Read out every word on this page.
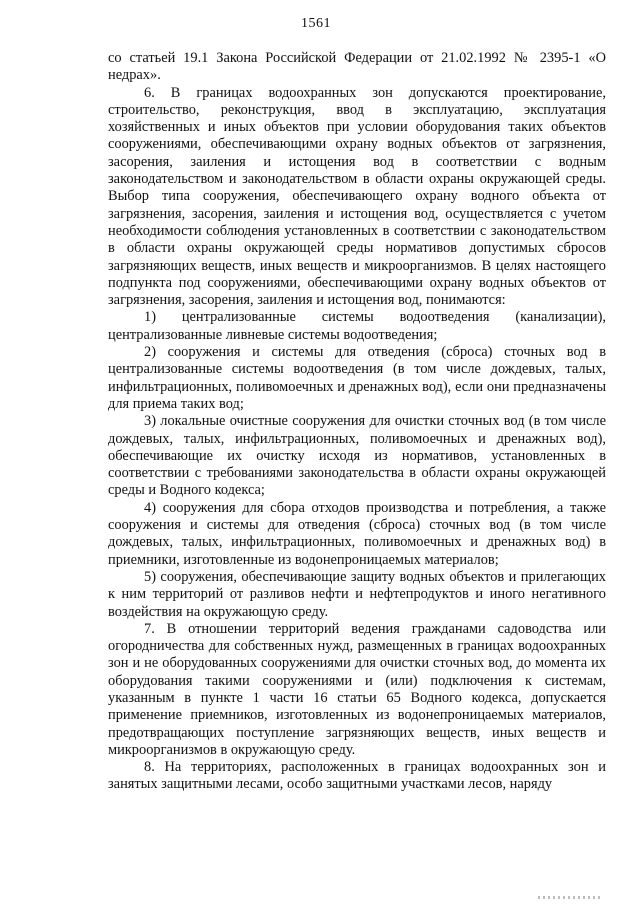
1561

со статьей 19.1 Закона Российской Федерации от 21.02.1992 № 2395-1 «О недрах».

6. В границах водоохранных зон допускаются проектирование, строительство, реконструкция, ввод в эксплуатацию, эксплуатация хозяйственных и иных объектов при условии оборудования таких объектов сооружениями, обеспечивающими охрану водных объектов от загрязнения, засорения, заиления и истощения вод в соответствии с водным законодательством и законодательством в области охраны окружающей среды. Выбор типа сооружения, обеспечивающего охрану водного объекта от загрязнения, засорения, заиления и истощения вод, осуществляется с учетом необходимости соблюдения установленных в соответствии с законодательством в области охраны окружающей среды нормативов допустимых сбросов загрязняющих веществ, иных веществ и микроорганизмов. В целях настоящего подпункта под сооружениями, обеспечивающими охрану водных объектов от загрязнения, засорения, заиления и истощения вод, понимаются:

1) централизованные системы водоотведения (канализации), централизованные ливневые системы водоотведения;

2) сооружения и системы для отведения (сброса) сточных вод в централизованные системы водоотведения (в том числе дождевых, талых, инфильтрационных, поливомоечных и дренажных вод), если они предназначены для приема таких вод;

3) локальные очистные сооружения для очистки сточных вод (в том числе дождевых, талых, инфильтрационных, поливомоечных и дренажных вод), обеспечивающие их очистку исходя из нормативов, установленных в соответствии с требованиями законодательства в области охраны окружающей среды и Водного кодекса;

4) сооружения для сбора отходов производства и потребления, а также сооружения и системы для отведения (сброса) сточных вод (в том числе дождевых, талых, инфильтрационных, поливомоечных и дренажных вод) в приемники, изготовленные из водонепроницаемых материалов;

5) сооружения, обеспечивающие защиту водных объектов и прилегающих к ним территорий от разливов нефти и нефтепродуктов и иного негативного воздействия на окружающую среду.

7. В отношении территорий ведения гражданами садоводства или огородничества для собственных нужд, размещенных в границах водоохранных зон и не оборудованных сооружениями для очистки сточных вод, до момента их оборудования такими сооружениями и (или) подключения к системам, указанным в пункте 1 части 16 статьи 65 Водного кодекса, допускается применение приемников, изготовленных из водонепроницаемых материалов, предотвращающих поступление загрязняющих веществ, иных веществ и микроорганизмов в окружающую среду.

8. На территориях, расположенных в границах водоохранных зон и занятых защитными лесами, особо защитными участками лесов, наряду
